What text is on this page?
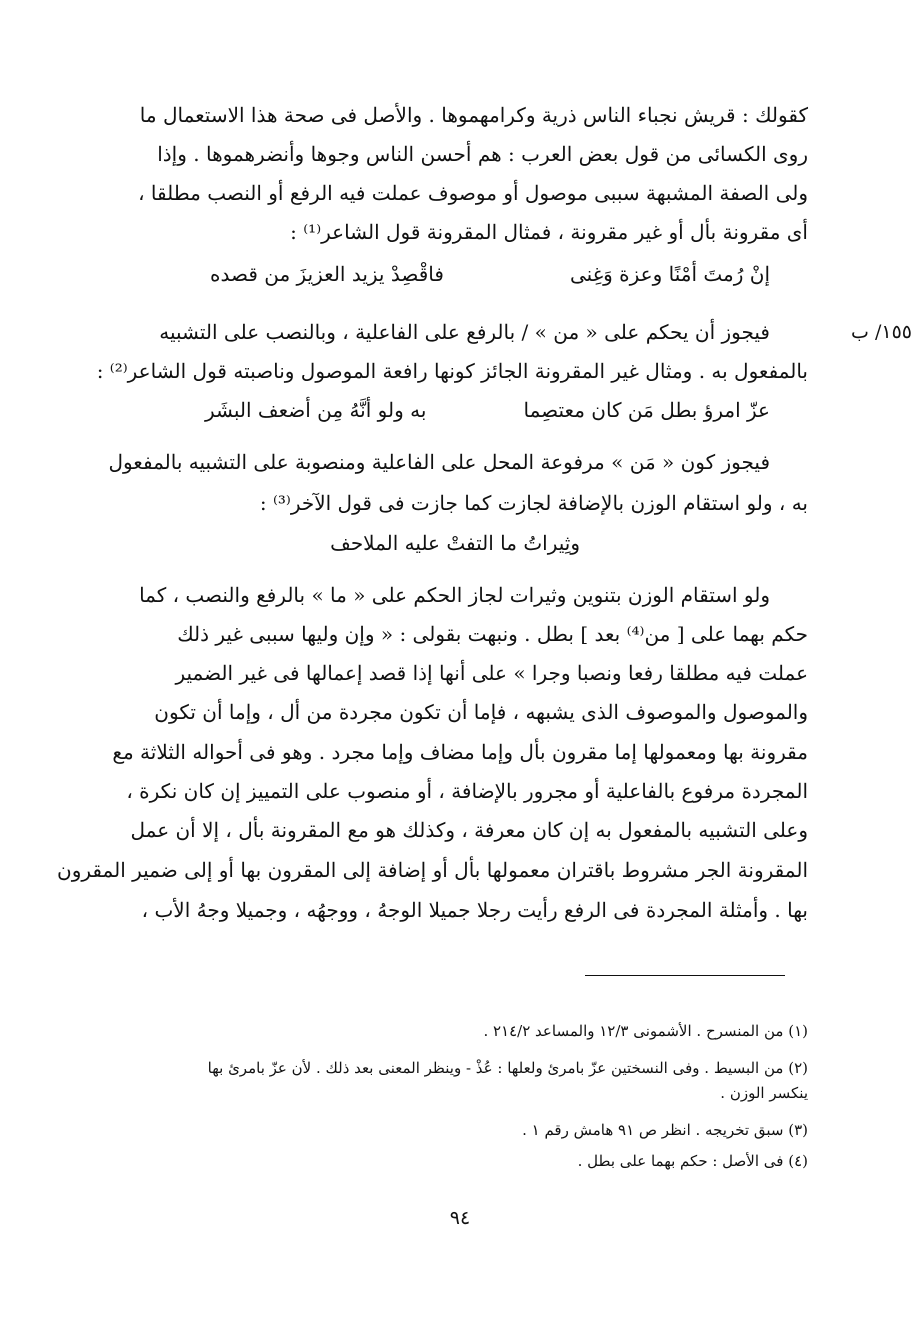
كقولك : قريش نجباء الناس ذرية وكرامهموها . والأصل فى صحة هذا الاستعمال ما
روى الكسائى من قول بعض العرب : هم أحسن الناس وجوها وأنضرهموها . وإذا
ولى الصفة المشبهة سببى موصول أو موصوف عملت فيه الرفع أو النصب مطلقا ،
أى مقرونة بأل أو غير مقرونة ، فمثال المقرونة قول الشاعر⁽¹⁾ :
إنْ رُمتَ أمْنًا وعزة وَغِنى
فاقْصِدْ يزيد العزيزَ من قصده
١٥٥/ ب
فيجوز أن يحكم على « من » / بالرفع على الفاعلية ، وبالنصب على التشبيه
بالمفعول به . ومثال غير المقرونة الجائز كونها رافعة الموصول وناصبته قول الشاعر⁽²⁾ :
عزّ امرؤ بطل مَن كان معتصِما
به ولو أنَّهُ مِن أضعف البشَر
فيجوز كون « مَن » مرفوعة المحل على الفاعلية ومنصوبة على التشبيه بالمفعول
به ، ولو استقام الوزن بالإضافة لجازت كما جازت فى قول الآخر⁽³⁾ :
وثِيراتُ ما التفتْ عليه الملاحف
ولو استقام الوزن بتنوين وثيرات لجاز الحكم على « ما » بالرفع والنصب ، كما
حكم بهما على [ من⁽⁴⁾ بعد ] بطل . ونبهت بقولى : « وإن وليها سببى غير ذلك
عملت فيه مطلقا رفعا ونصبا وجرا » على أنها إذا قصد إعمالها فى غير الضمير
والموصول والموصوف الذى يشبهه ، فإما أن تكون مجردة من أل ، وإما أن تكون
مقرونة بها ومعمولها إما مقرون بأل وإما مضاف وإما مجرد . وهو فى أحواله الثلاثة مع
المجردة مرفوع بالفاعلية أو مجرور بالإضافة ، أو منصوب على التمييز إن كان نكرة ،
وعلى التشبيه بالمفعول به إن كان معرفة ، وكذلك هو مع المقرونة بأل ، إلا أن عمل
المقرونة الجر مشروط باقتران معمولها بأل أو إضافة إلى المقرون بها أو إلى ضمير المقرون
بها . وأمثلة المجردة فى الرفع رأيت رجلا جميلا الوجهُ ، ووجهُه ، وجميلا وجهُ الأب ،
(١) من المنسرح . الأشمونى ١٢/٣ والمساعد ٢١٤/٢ .
(٢) من البسيط . وفى النسختين عزّ بامرئ ولعلها : عُذْ - وينظر المعنى بعد ذلك . لأن عزّ بامرئ بها
ينكسر الوزن .
(٣) سبق تخريجه . انظر ص ٩١ هامش رقم ١ .
(٤) فى الأصل : حكم بهما على بطل .
٩٤
